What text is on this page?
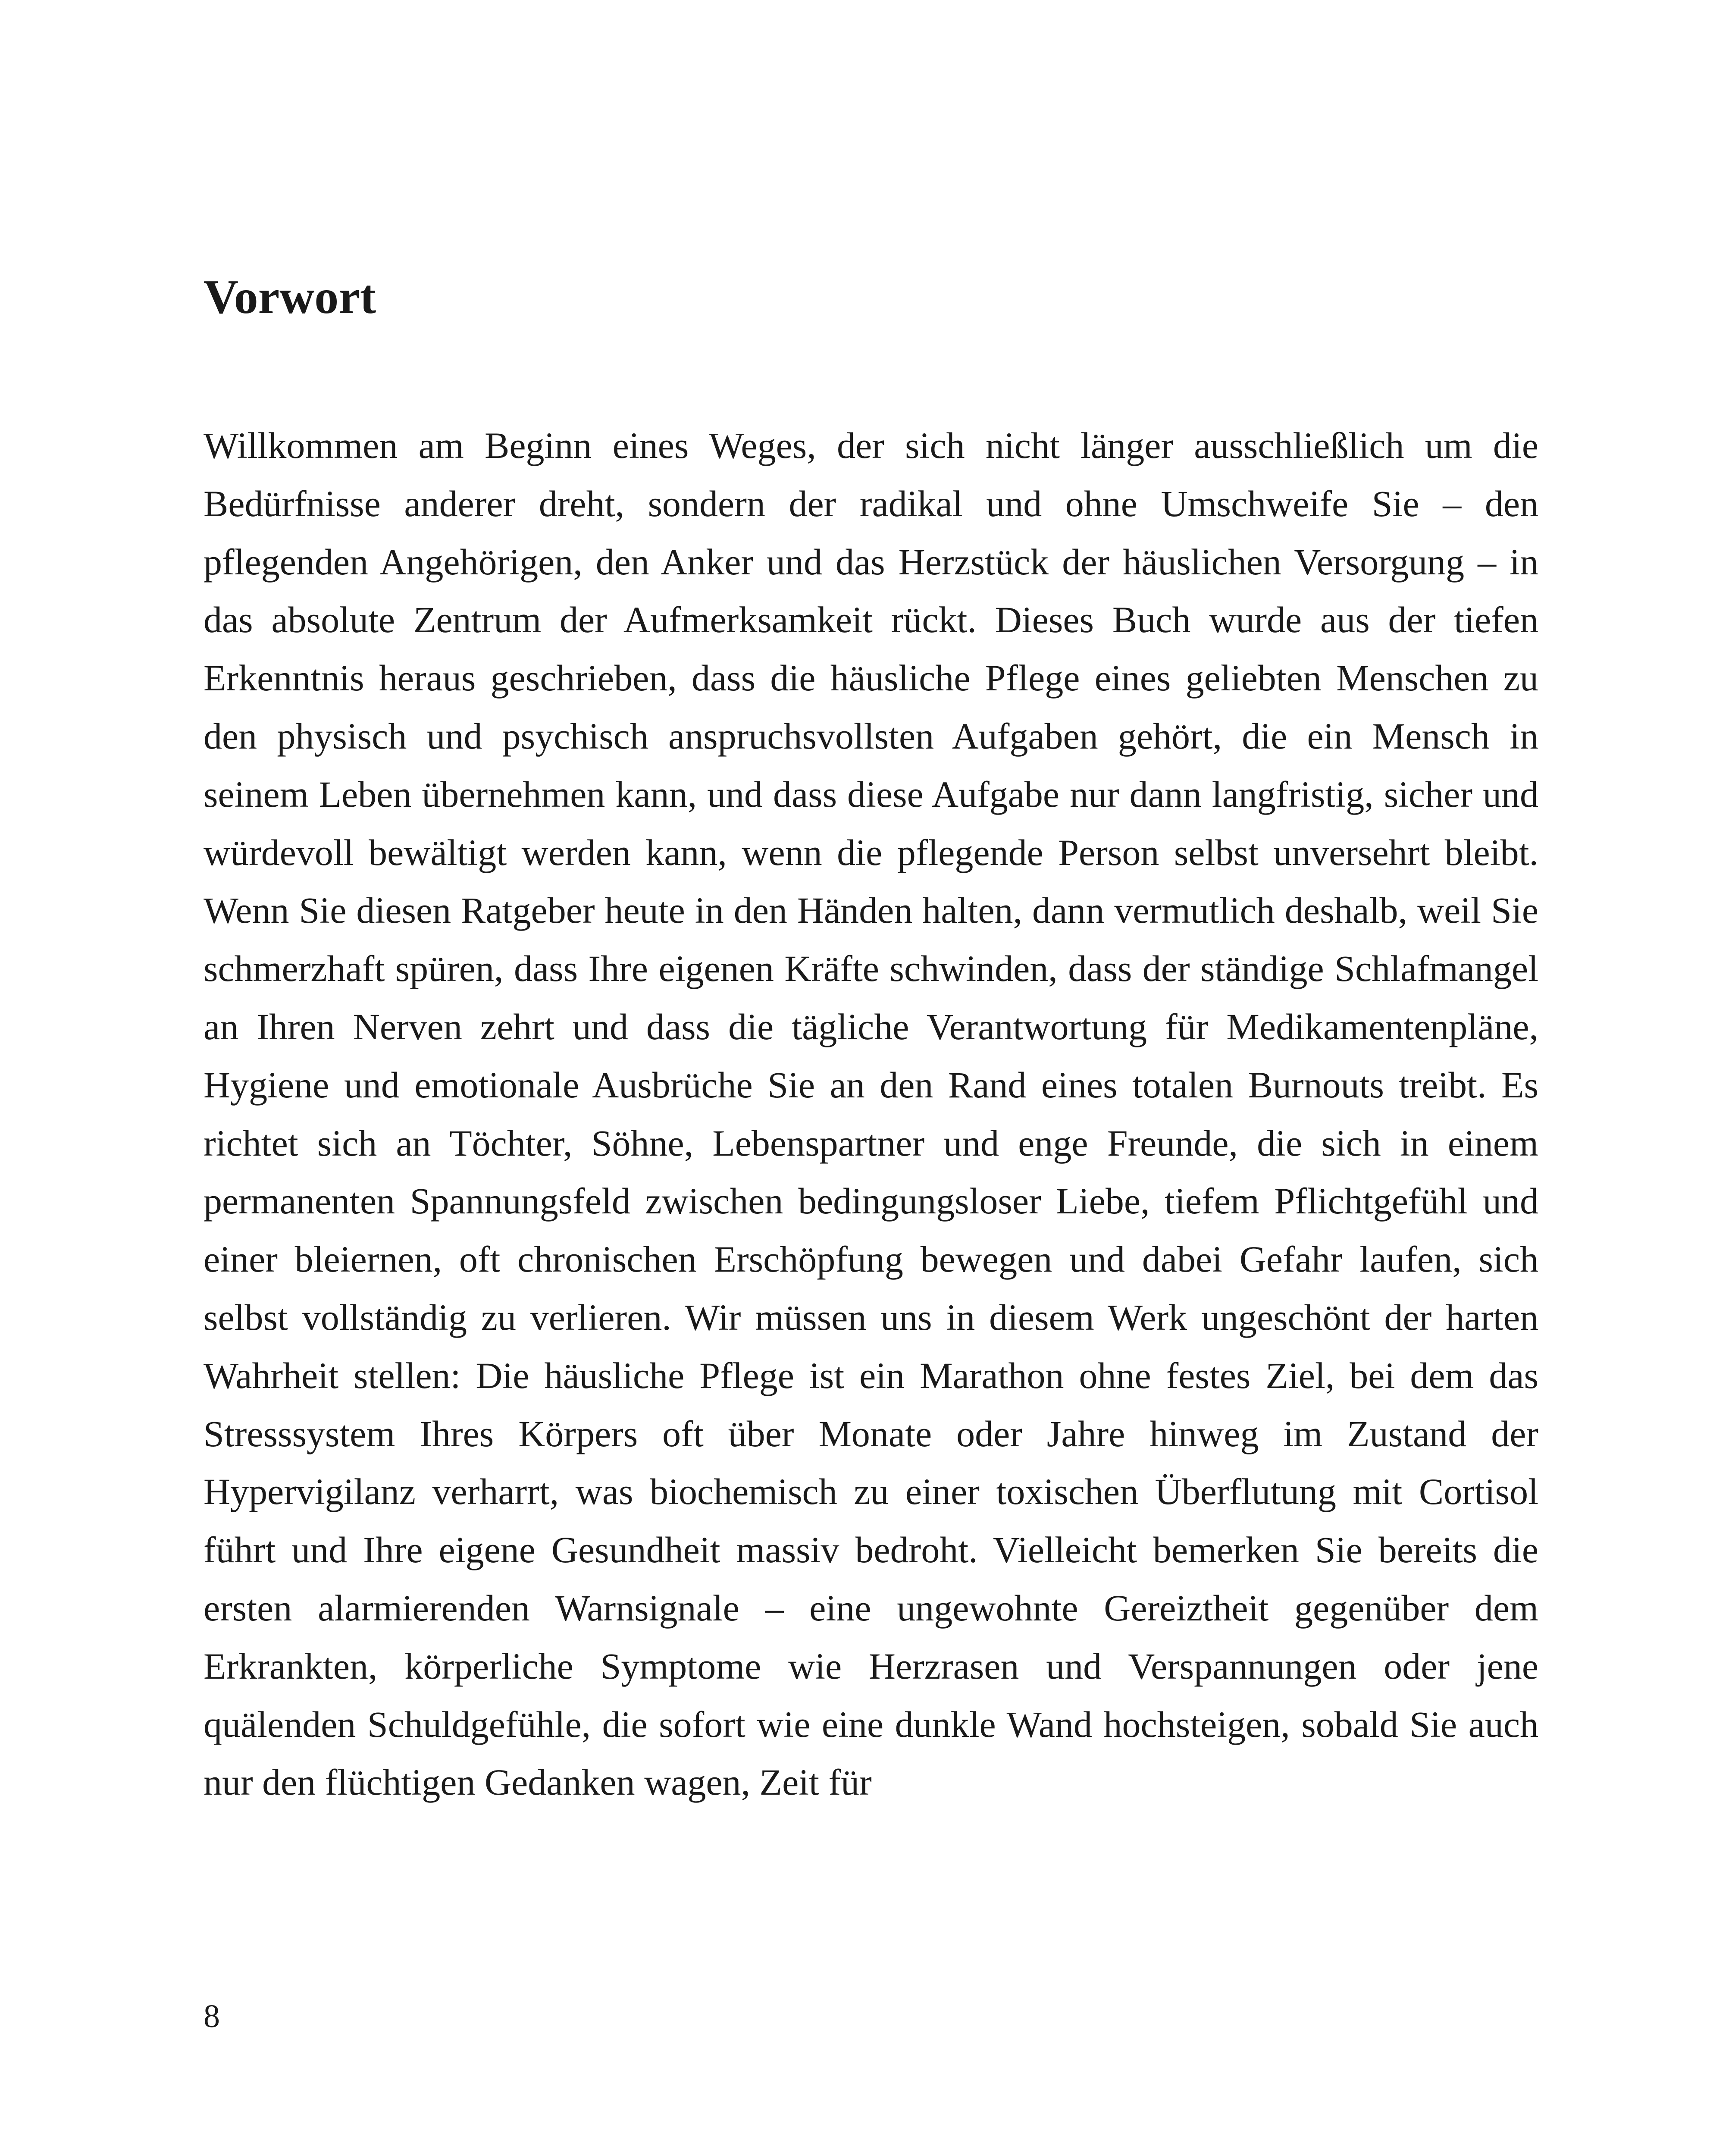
Vorwort

Willkommen am Beginn eines Weges, der sich nicht länger ausschließlich um die Bedürfnisse anderer dreht, sondern der radikal und ohne Umschweife Sie – den pflegenden Angehörigen, den Anker und das Herzstück der häuslichen Versorgung – in das absolute Zentrum der Aufmerksamkeit rückt. Dieses Buch wurde aus der tiefen Erkenntnis heraus geschrieben, dass die häusliche Pflege eines geliebten Menschen zu den physisch und psychisch anspruchsvollsten Aufgaben gehört, die ein Mensch in seinem Leben übernehmen kann, und dass diese Aufgabe nur dann langfristig, sicher und würdevoll bewältigt werden kann, wenn die pflegende Person selbst unversehrt bleibt. Wenn Sie diesen Ratgeber heute in den Händen halten, dann vermutlich deshalb, weil Sie schmerzhaft spüren, dass Ihre eigenen Kräfte schwinden, dass der ständige Schlafmangel an Ihren Nerven zehrt und dass die tägliche Verantwortung für Medikamentenpläne, Hygiene und emotionale Ausbrüche Sie an den Rand eines totalen Burnouts treibt. Es richtet sich an Töchter, Söhne, Lebenspartner und enge Freunde, die sich in einem permanenten Spannungsfeld zwischen bedingungsloser Liebe, tiefem Pflichtgefühl und einer bleiernen, oft chronischen Erschöpfung bewegen und dabei Gefahr laufen, sich selbst vollständig zu verlieren. Wir müssen uns in diesem Werk ungeschönt der harten Wahrheit stellen: Die häusliche Pflege ist ein Marathon ohne festes Ziel, bei dem das Stresssystem Ihres Körpers oft über Monate oder Jahre hinweg im Zustand der Hypervigilanz verharrt, was biochemisch zu einer toxischen Überflutung mit Cortisol führt und Ihre eigene Gesundheit massiv bedroht. Vielleicht bemerken Sie bereits die ersten alarmierenden Warnsignale – eine ungewohnte Gereiztheit gegenüber dem Erkrankten, körperliche Symptome wie Herzrasen und Verspannungen oder jene quälenden Schuldgefühle, die sofort wie eine dunkle Wand hochsteigen, sobald Sie auch nur den flüchtigen Gedanken wagen, Zeit für

8
